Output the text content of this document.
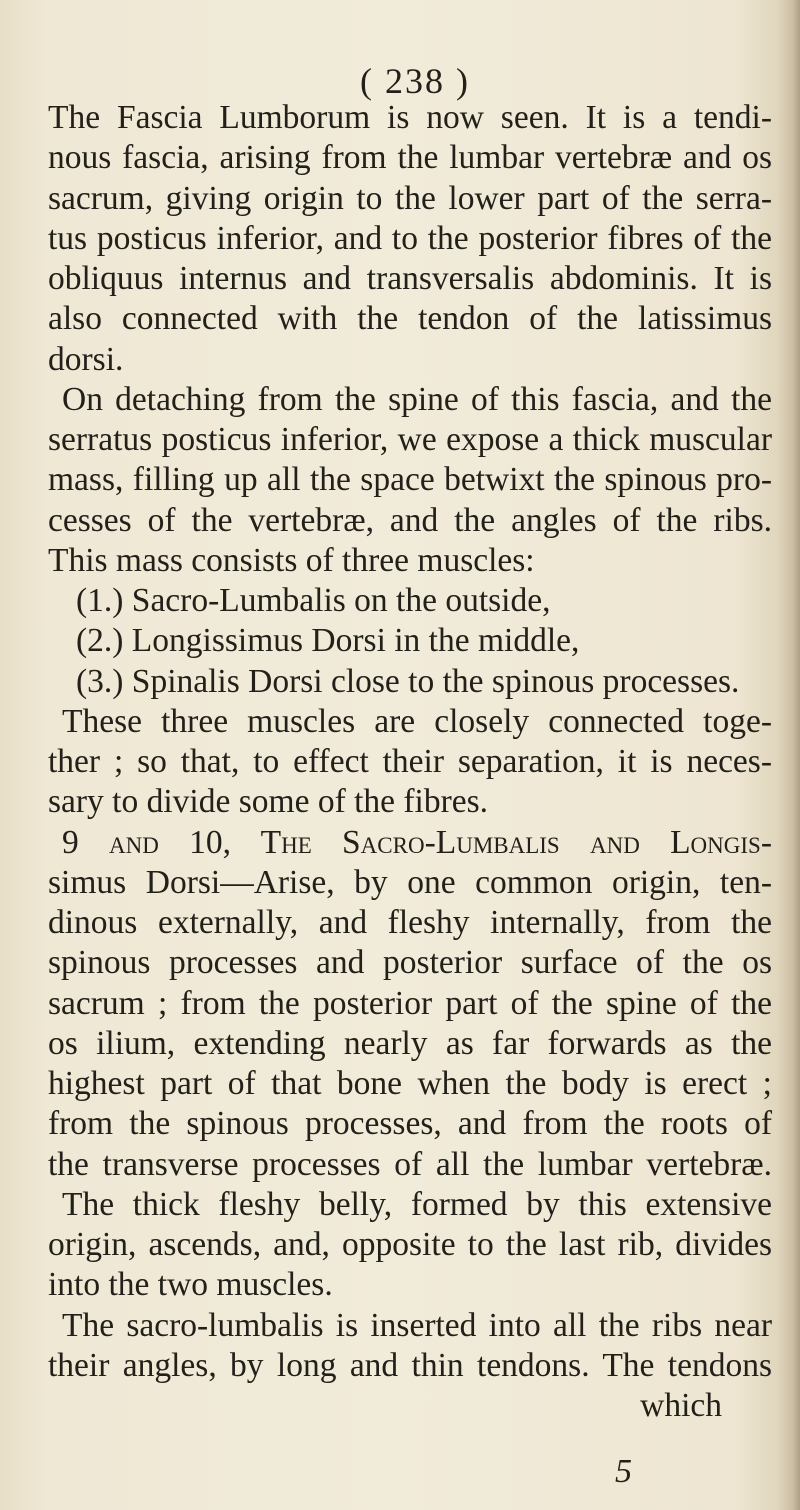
( 238 )
The Fascia Lumborum is now seen. It is a tendi-
nous fascia, arising from the lumbar vertebræ and os
sacrum, giving origin to the lower part of the serra-
tus posticus inferior, and to the posterior fibres of the
obliquus internus and transversalis abdominis. It is
also connected with the tendon of the latissimus
dorsi.
On detaching from the spine of this fascia, and the
serratus posticus inferior, we expose a thick muscular
mass, filling up all the space betwixt the spinous pro-
cesses of the vertebræ, and the angles of the ribs.
This mass consists of three muscles:
(1.) Sacro-Lumbalis on the outside,
(2.) Longissimus Dorsi in the middle,
(3.) Spinalis Dorsi close to the spinous processes.
These three muscles are closely connected toge-
ther ; so that, to effect their separation, it is neces-
sary to divide some of the fibres.
9 and 10, The Sacro-Lumbalis and Longis-
simus Dorsi—Arise, by one common origin, ten-
dinous externally, and fleshy internally, from the
spinous processes and posterior surface of the os
sacrum ; from the posterior part of the spine of the
os ilium, extending nearly as far forwards as the
highest part of that bone when the body is erect ;
from the spinous processes, and from the roots of
the transverse processes of all the lumbar vertebræ.
The thick fleshy belly, formed by this extensive
origin, ascends, and, opposite to the last rib, divides
into the two muscles.
The sacro-lumbalis is inserted into all the ribs near
their angles, by long and thin tendons. The tendons
which
5
